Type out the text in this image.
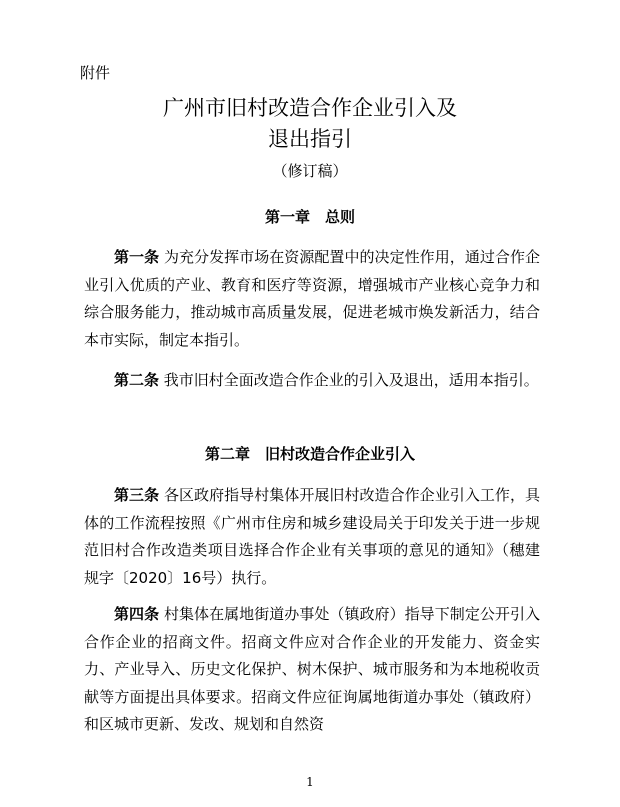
附件
广州市旧村改造合作企业引入及
退出指引
（修订稿）
第一章　总则

第一条 为充分发挥市场在资源配置中的决定性作用，通过合作企业引入优质的产业、教育和医疗等资源，增强城市产业核心竞争力和综合服务能力，推动城市高质量发展，促进老城市焕发新活力，结合本市实际，制定本指引。

第二条 我市旧村全面改造合作企业的引入及退出，适用本指引。

第二章　旧村改造合作企业引入

第三条 各区政府指导村集体开展旧村改造合作企业引入工作，具体的工作流程按照《广州市住房和城乡建设局关于印发关于进一步规范旧村合作改造类项目选择合作企业有关事项的意见的通知》（穗建规字〔2020〕16号）执行。

第四条 村集体在属地街道办事处（镇政府）指导下制定公开引入合作企业的招商文件。招商文件应对合作企业的开发能力、资金实力、产业导入、历史文化保护、树木保护、城市服务和为本地税收贡献等方面提出具体要求。招商文件应征询属地街道办事处（镇政府）和区城市更新、发改、规划和自然资

1
